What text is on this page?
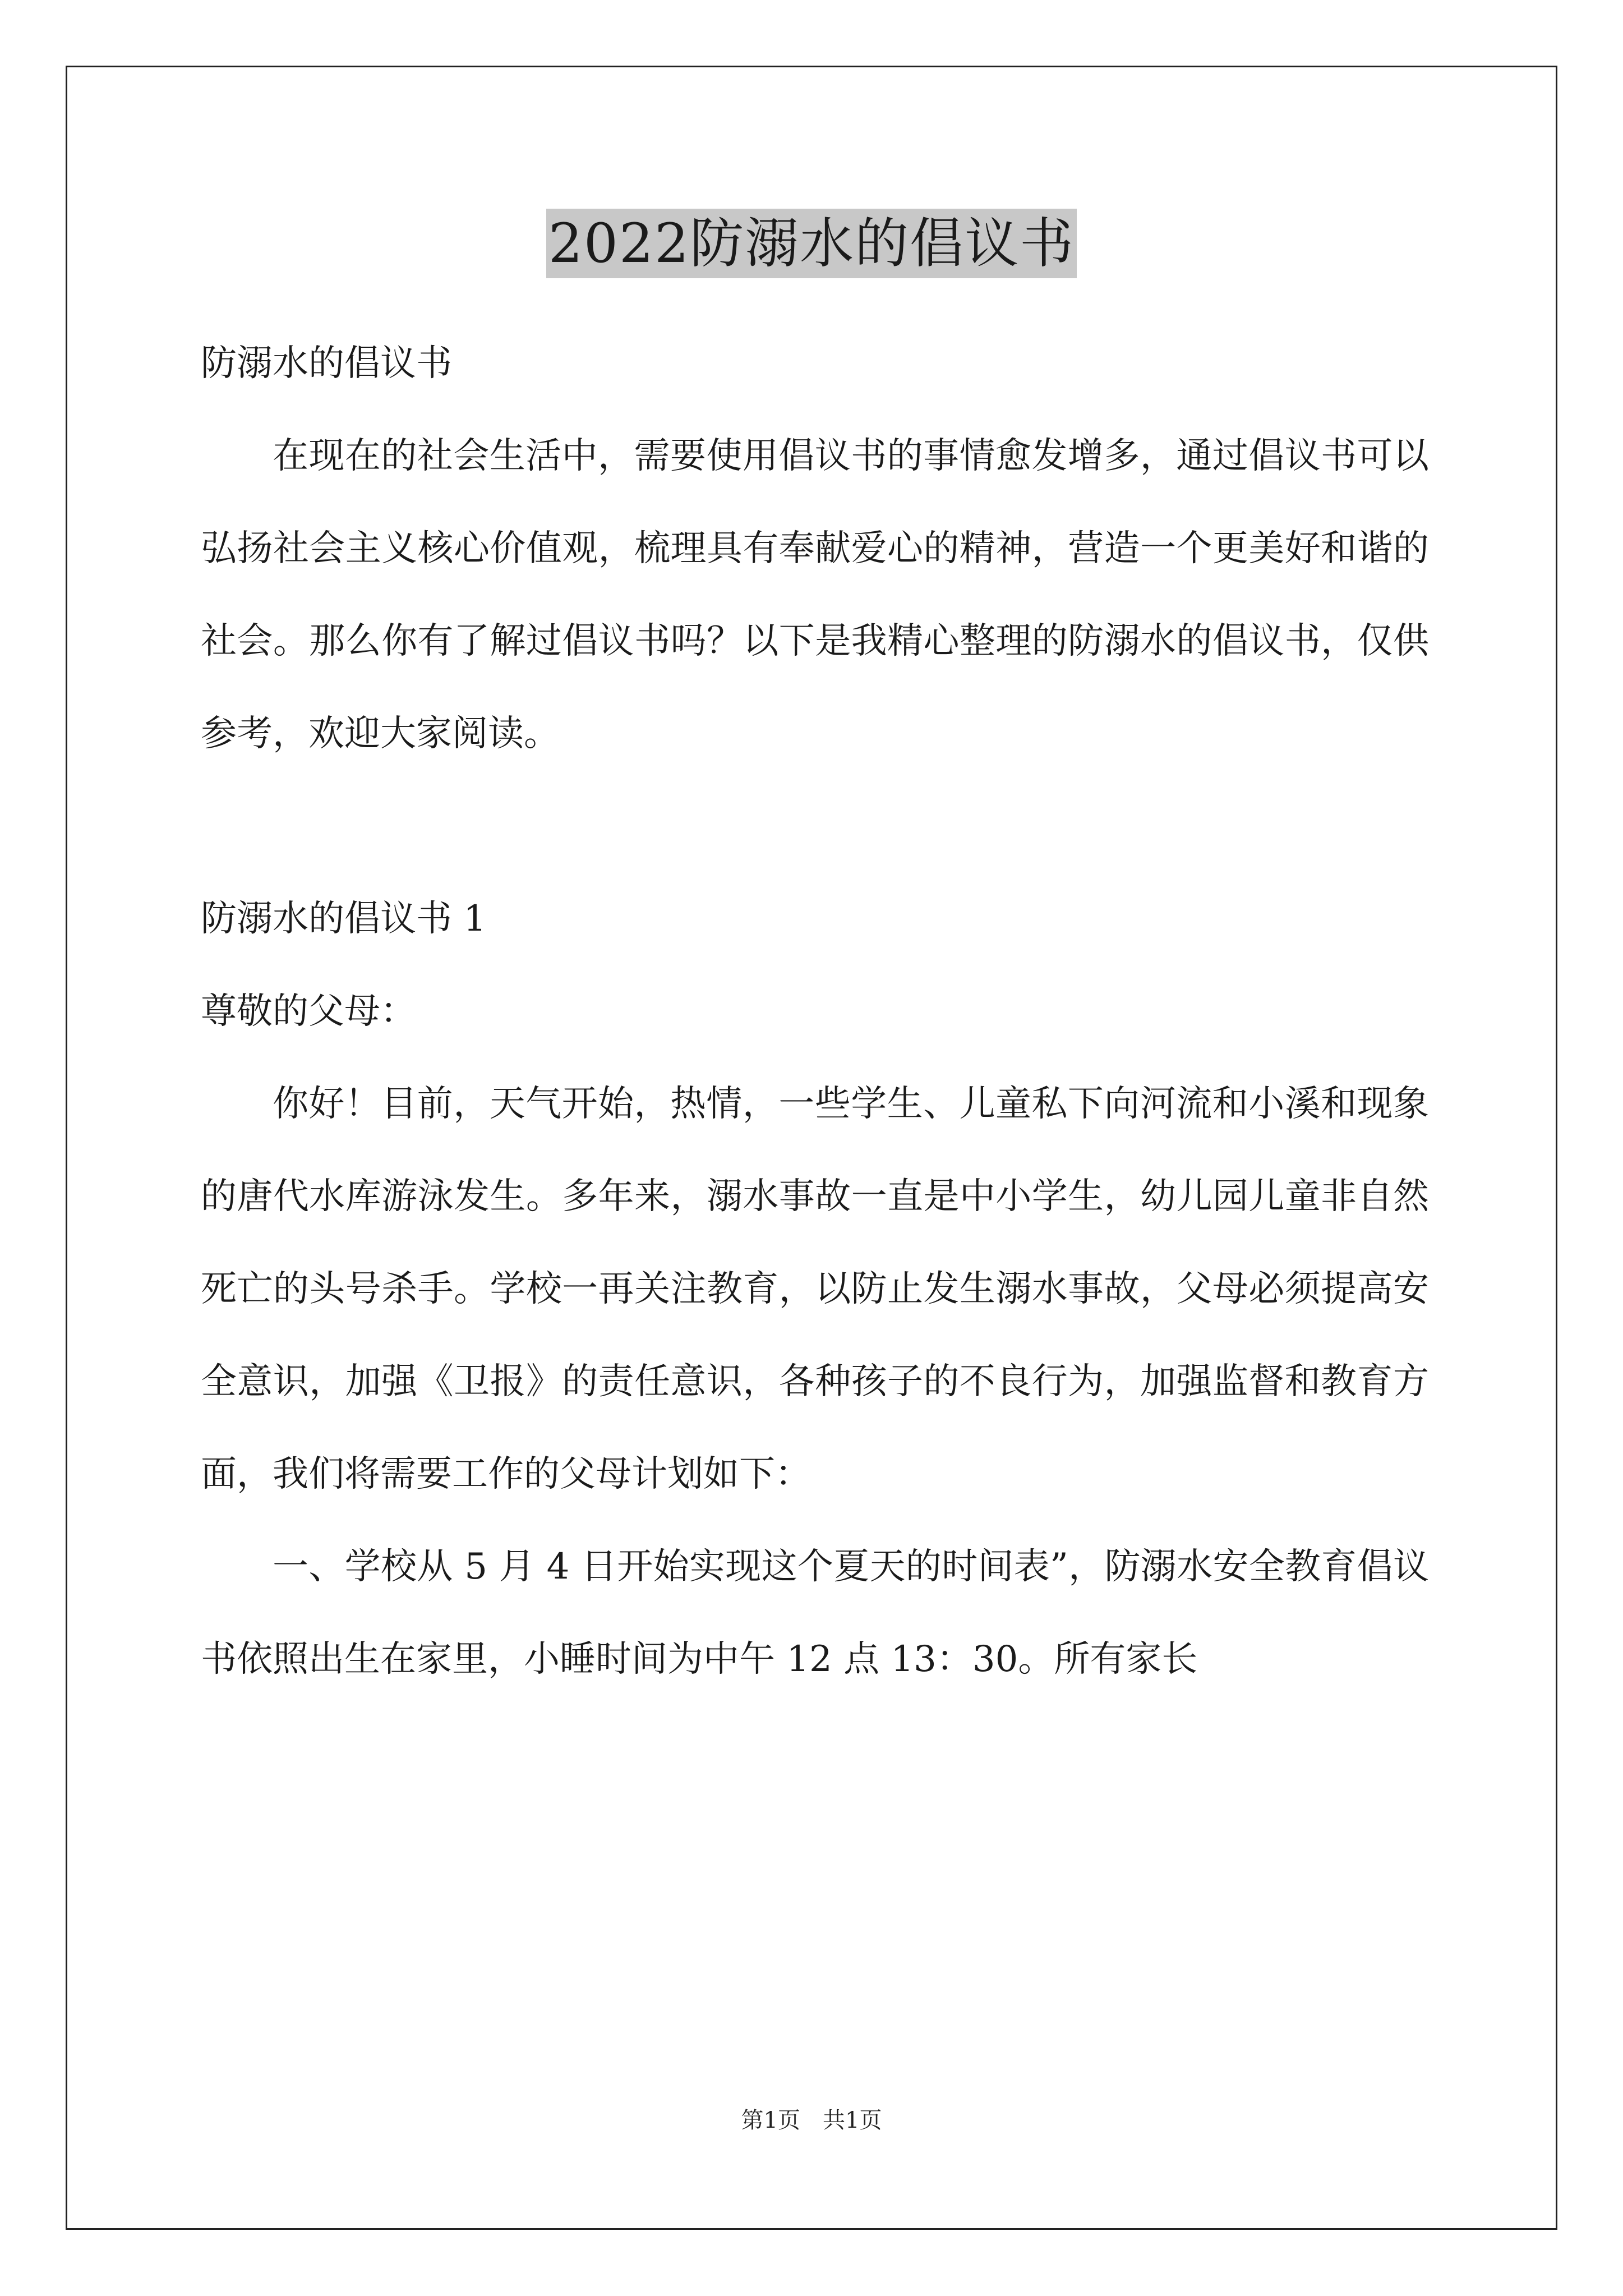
2022防溺水的倡议书

防溺水的倡议书

在现在的社会生活中，需要使用倡议书的事情愈发增多，通过倡议书可以弘扬社会主义核心价值观，梳理具有奉献爱心的精神，营造一个更美好和谐的社会。那么你有了解过倡议书吗？以下是我精心整理的防溺水的倡议书，仅供参考，欢迎大家阅读。

防溺水的倡议书 1

尊敬的父母：

你好！目前，天气开始，热情，一些学生、儿童私下向河流和小溪和现象的唐代水库游泳发生。多年来，溺水事故一直是中小学生，幼儿园儿童非自然死亡的头号杀手。学校一再关注教育，以防止发生溺水事故，父母必须提高安全意识，加强《卫报》的责任意识，各种孩子的不良行为，加强监督和教育方面，我们将需要工作的父母计划如下：

一、学校从 5 月 4 日开始实现这个夏天的时间表”，防溺水安全教育倡议书依照出生在家里，小睡时间为中午 12 点 13：30。所有家长

第1页　共1页
